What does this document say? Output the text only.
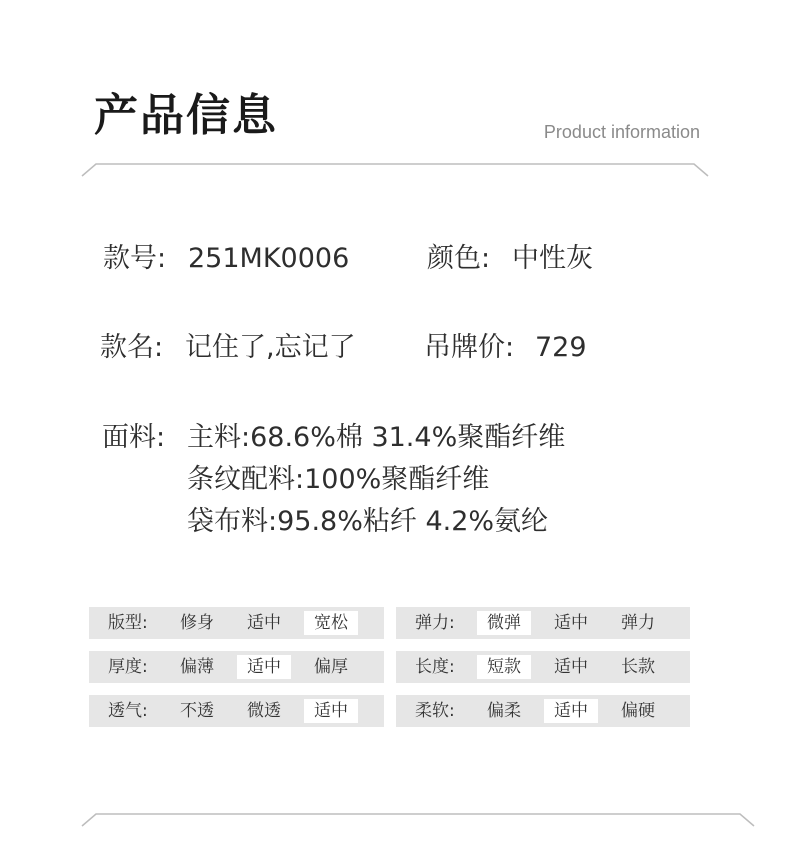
产品信息	Product information
款号: 251MK0006	颜色: 中性灰
款名: 记住了,忘记了	吊牌价: 729
面料: 主料:68.6%棉 31.4%聚酯纤维
条纹配料:100%聚酯纤维
袋布料:95.8%粘纤 4.2%氨纶
版型: 修身 适中	宽松	弹力:	微弹	适中 弹力
厚度: 偏薄	适中	偏厚	长度:	短款	适中 长款
透气: 不透 微透	适中	柔软: 偏柔	适中	偏硬
